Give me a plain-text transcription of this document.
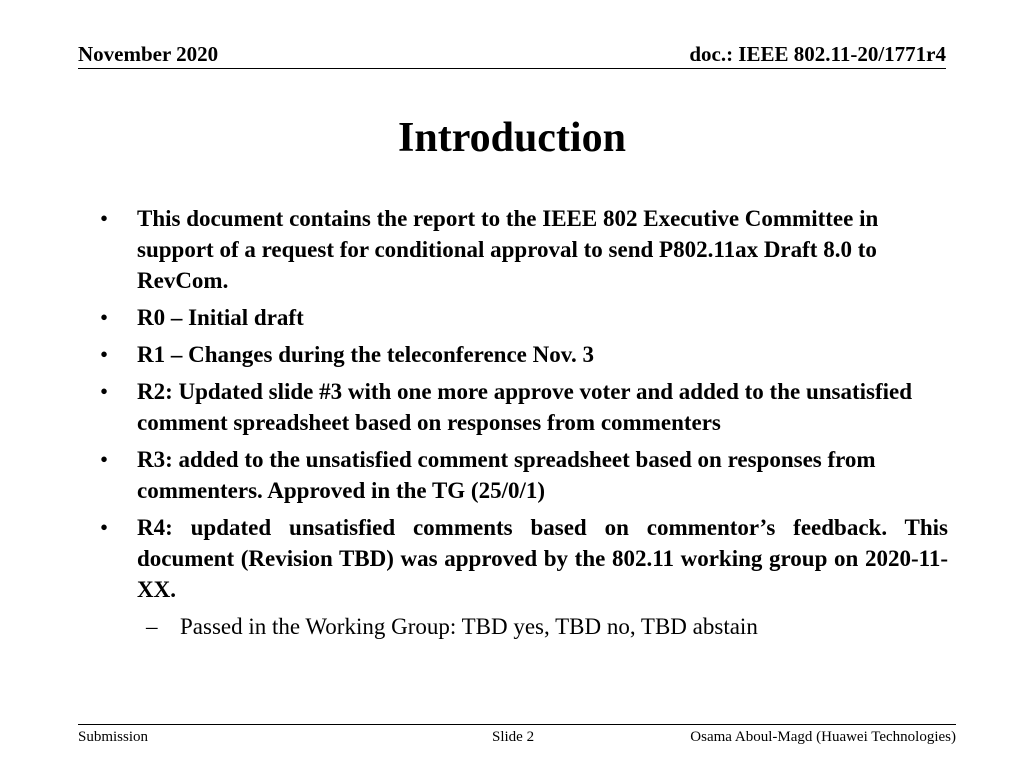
November 2020	doc.: IEEE 802.11-20/1771r4
Introduction
• This document contains the report to the IEEE 802 Executive Committee in support of a request for conditional approval to send P802.11ax Draft 8.0 to RevCom.
• R0 – Initial draft
• R1 – Changes during the teleconference Nov. 3
• R2: Updated slide #3 with one more approve voter and added to the unsatisfied comment spreadsheet based on responses from commenters
• R3: added to the unsatisfied comment spreadsheet based on responses from commenters. Approved in the TG (25/0/1)
• R4: updated unsatisfied comments based on commentor’s feedback. This document (Revision TBD) was approved by the 802.11 working group on 2020-11-XX.
– Passed in the Working Group: TBD yes, TBD no, TBD abstain
Submission	Slide 2	Osama Aboul-Magd (Huawei Technologies)
